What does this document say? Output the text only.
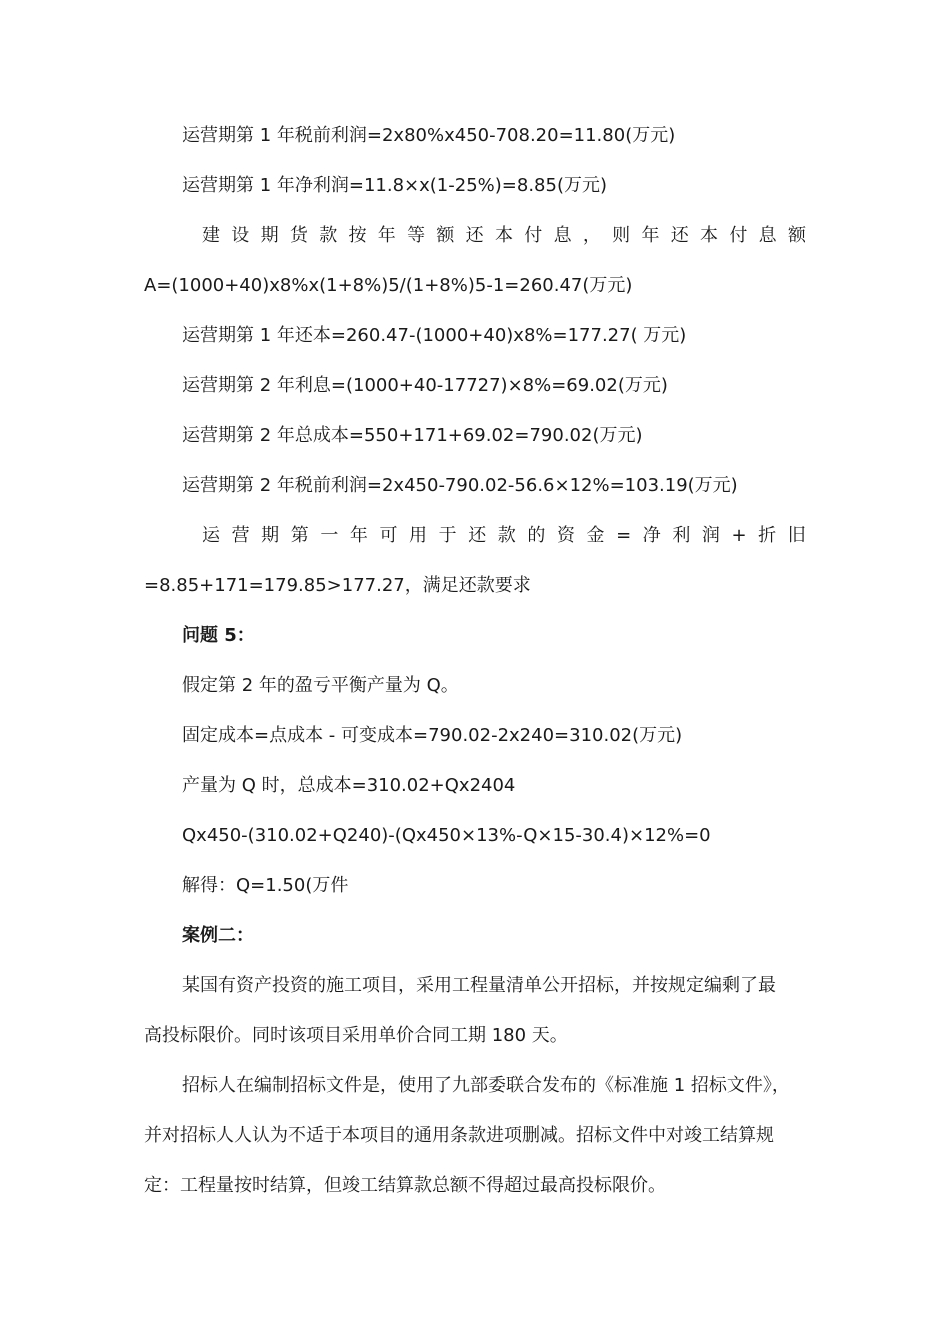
运营期第 1 年税前利润=2x80%x450-708.20=11.80(万元)
运营期第 1 年净利润=11.8×x(1-25%)=8.85(万元)
建 设 期 货 款 按 年 等 额 还 本 付 息 ， 则 年 还 本 付 息 额
A=(1000+40)x8%x(1+8%)5/(1+8%)5-1=260.47(万元)
运营期第 1 年还本=260.47-(1000+40)x8%=177.27( 万元)
运营期第 2 年利息=(1000+40-17727)×8%=69.02(万元)
运营期第 2 年总成本=550+171+69.02=790.02(万元)
运营期第 2 年税前利润=2x450-790.02-56.6×12%=103.19(万元)
运 营 期 第 一 年 可 用 于 还 款 的 资 金 = 净 利 润 + 折 旧
=8.85+171=179.85>177.27，满足还款要求
问题 5：
假定第 2 年的盈亏平衡产量为 Q。
固定成本=点成本 - 可变成本=790.02-2x240=310.02(万元)
产量为 Q 时，总成本=310.02+Qx2404
Qx450-(310.02+Q240)-(Qx450×13%-Q×15-30.4)×12%=0
解得：Q=1.50(万件
案例二：
某国有资产投资的施工项目，采用工程量清单公开招标，并按规定编剩了最
高投标限价。同时该项目采用单价合同工期 180 天。
招标人在编制招标文件是，使用了九部委联合发布的《标准施 1 招标文件》，
并对招标人人认为不适于本项目的通用条款进项删减。招标文件中对竣工结算规
定：工程量按时结算，但竣工结算款总额不得超过最高投标限价。
